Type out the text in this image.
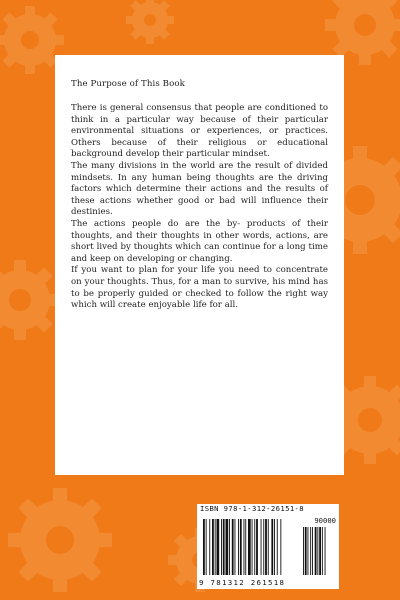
The Purpose of This Book

There is general consensus that people are conditioned to think in a particular way because of their particular environmental situations or experiences, or practices. Others because of their religious or educational background develop their particular mindset.

The many divisions in the world are the result of divided mindsets. In any human being thoughts are the driving factors which determine their actions and the results of these actions whether good or bad will influence their destinies.

The actions people do are the by- products of their thoughts, and their thoughts in other words, actions, are short lived by thoughts which can continue for a long time and keep on developing or changing.

If you want to plan for your life you need to concentrate on your thoughts. Thus, for a man to survive, his mind has to be properly guided or checked to follow the right way which will create enjoyable life for all.

ISBN 978-1-312-26151-8
90000
9 781312 261518
